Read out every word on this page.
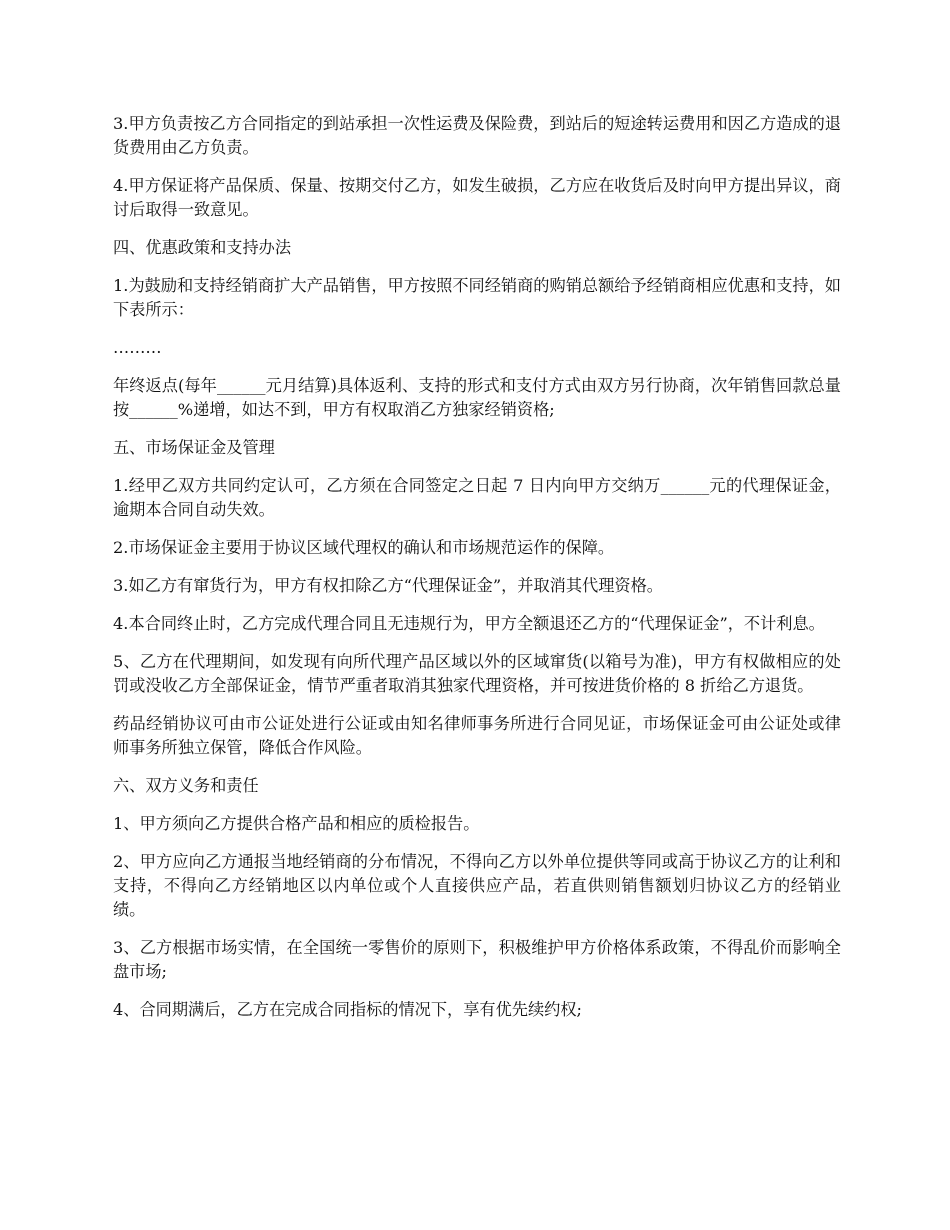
3.甲方负责按乙方合同指定的到站承担一次性运费及保险费，到站后的短途转运费用和因乙方造成的退货费用由乙方负责。

4.甲方保证将产品保质、保量、按期交付乙方，如发生破损，乙方应在收货后及时向甲方提出异议，商讨后取得一致意见。

四、优惠政策和支持办法

1.为鼓励和支持经销商扩大产品销售，甲方按照不同经销商的购销总额给予经销商相应优惠和支持，如下表所示：

………

年终返点(每年______元月结算)具体返利、支持的形式和支付方式由双方另行协商，次年销售回款总量按______%递增，如达不到，甲方有权取消乙方独家经销资格;

五、市场保证金及管理

1.经甲乙双方共同约定认可，乙方须在合同签定之日起 7 日内向甲方交纳万______元的代理保证金，逾期本合同自动失效。

2.市场保证金主要用于协议区域代理权的确认和市场规范运作的保障。

3.如乙方有窜货行为，甲方有权扣除乙方“代理保证金”，并取消其代理资格。

4.本合同终止时，乙方完成代理合同且无违规行为，甲方全额退还乙方的“代理保证金”，不计利息。

5、乙方在代理期间，如发现有向所代理产品区域以外的区域窜货(以箱号为准)，甲方有权做相应的处罚或没收乙方全部保证金，情节严重者取消其独家代理资格，并可按进货价格的 8 折给乙方退货。

药品经销协议可由市公证处进行公证或由知名律师事务所进行合同见证，市场保证金可由公证处或律师事务所独立保管，降低合作风险。

六、双方义务和责任

1、甲方须向乙方提供合格产品和相应的质检报告。

2、甲方应向乙方通报当地经销商的分布情况，不得向乙方以外单位提供等同或高于协议乙方的让利和支持，不得向乙方经销地区以内单位或个人直接供应产品，若直供则销售额划归协议乙方的经销业绩。

3、乙方根据市场实情，在全国统一零售价的原则下，积极维护甲方价格体系政策，不得乱价而影响全盘市场;

4、合同期满后，乙方在完成合同指标的情况下，享有优先续约权;
